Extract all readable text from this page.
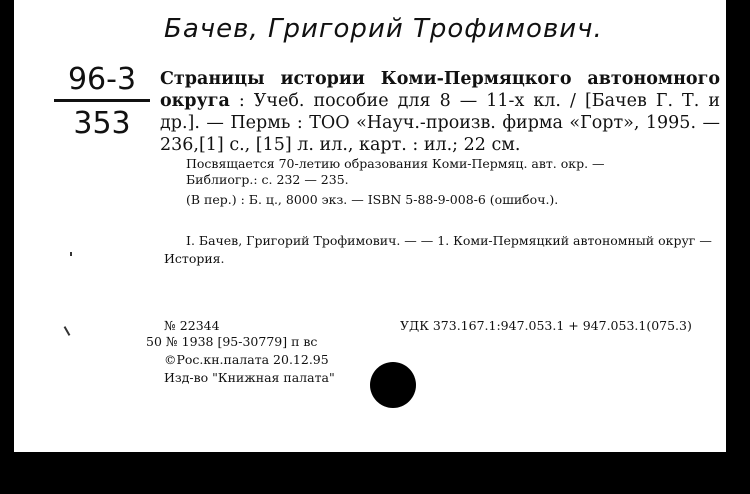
Бачев, Григорий Трофимович.
96-3
353
Страницы истории Коми-Пермяцкого автономного округа : Учеб. пособие для 8 — 11-х кл. / [Бачев Г. Т. и др.]. — Пермь : ТОО «Науч.-произв. фирма «Горт», 1995. — 236,[1] с., [15] л. ил., карт. : ил.; 22 см.
Посвящается 70-летию образования Коми-Пермяц. авт. окр. —
Библиогр.: с. 232 — 235.
(В пер.) : Б. ц., 8000 экз. — ISBN 5-88-9-008-6 (ошибоч.).
I. Бачев, Григорий Трофимович. — — 1. Коми-Пермяцкий автономный округ — История.
№ 22344
50 № 1938 [95-30779] п вс
©Рос.кн.палата 20.12.95
Изд-во "Книжная палата"
УДК 373.167.1:947.053.1 + 947.053.1(075.3)
